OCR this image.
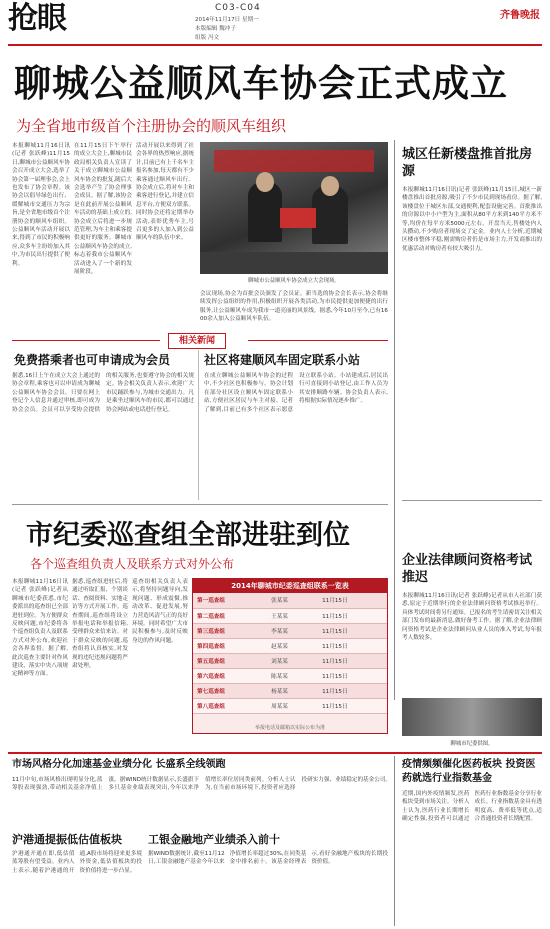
抢眼	C03-C04
2014年11月17日 星期一
本版编辑 魏冲子
组版 冯文
齐鲁晚报
聊城公益顺风车协会正式成立
为全省地市级首个注册协会的顺风车组织
本报聊城11月16日讯(记者 张跃峰)11月15日,聊城市公益顺风车协会召开成立大会,选举了协会第一届理事会,会上也发布了协会章程。该协会以倡导绿色出行、缓解城市交通压力为宗旨,是全省地市级首个注册协会的顺风车组织。公益顺风车活动开展以来,得到了市民的积极响应,众多车主纷纷加入其中,为市民出行提供了便利。
在11月15日下午举行的成立大会上,聊城市民政局相关负责人宣读了关于成立聊城市公益顺风车协会的批复,随后大会选举产生了协会理事会成员。据了解,该协会是在此前开展公益顺风车活动的基础上成立的,协会成立后将进一步规范管理,为车主和乘客提供更好的服务。聊城市公益顺风车协会的成立,标志着我市公益顺风车活动进入了一个新的发展阶段。
活动开展以来得到了社会各界的热烈响应,据统计,目前已有上千名车主报名参加,每天都有不少乘客通过顺风车出行。协会成立后,将对车主和乘客进行登记,并建立信息平台,方便双方联系。同时协会还将定期举办活动,表彰优秀车主,号召更多的人加入到公益顺风车的队伍中来。
聊城市公益顺风车协会成立大会现场。
会议现场,协会为首批会员颁发了会员证。新当选的协会会长表示,协会将继续发挥公益组织的作用,积极组织开展各类活动,为市民提供更加便捷的出行服务,让公益顺风车成为我市一道亮丽的风景线。据悉,今年10月至今,已有1600余人加入公益顺风车队伍。
相关新闻
免费搭乘者也可申请成为会员
据悉,16日上午在成立大会上通过的协会章程,乘客也可以申请成为聊城公益顺风车协会会员。只要在网上登记个人信息并通过审核,即可成为协会会员。会员可以享受协会提供的相关服务,也要遵守协会的相关规定。协会相关负责人表示,欢迎广大市民踊跃参与,为城市交通出力。凡是乘坐过顺风车的市民,都可以通过协会网站或电话进行登记。
社区将建顺风车固定联系小站
在成立聊城公益顺风车协会的过程中,不少社区也积极参与。协会计划在部分社区设立顺风车固定联系小站,方便社区居民与车主对接。记者了解到,目前已有多个社区表示愿意设立联系小站。小站建成后,居民出行可直接到小站登记,由工作人员为其安排顺路车辆。协会负责人表示,将根据实际情况逐步推广。
城区任新楼盘推首批房源
本报聊城11月16日讯(记者 张跃峰)11月15日,城区一新楼盘推出首批房源,吸引了不少市民到现场看房。据了解,该楼盘位于城区东部,交通便利,配套设施完善。首批推出的房源以中小户型为主,面积从80平方米到140平方米不等,均价在每平方米5000元左右。开盘当天,售楼处内人头攒动,不少购房者现场交了定金。业内人士分析,近期城区楼市整体平稳,刚需购房者仍是市场主力,开发商推出的优惠活动对购房者有较大吸引力。
市纪委巡查组全部进驻到位
各个巡查组负责人及联系方式对外公布
本报聊城11月16日讯(记者 张跃峰)记者从聊城市纪委获悉,市纪委派出的巡查组已全部进驻到位。为方便群众反映问题,市纪委将各个巡查组负责人及联系方式对外公布,欢迎社会各界监督。据了解,此次巡查主要针对作风建设、落实中央八项规定精神等方面。
据悉,巡查组进驻后,将通过听取汇报、个别谈话、查阅资料、实地走访等方式开展工作。巡查期间,巡查组将设立举报电话和举报信箱,受理群众来信来访。对于群众反映的问题,巡查组将认真核实,对发现的违纪违规问题将严肃处理。
巡查组相关负责人表示,将坚持问题导向,发现问题、形成震慑,推动改革、促进发展,努力营造风清气正的良好环境。同时希望广大市民积极参与,及时反映身边的作风问题。
2014年聊城市纪委巡查组联系一览表
第一巡查组	张某某	11月15日
第二巡查组	王某某	11月15日
第三巡查组	李某某	11月15日
第四巡查组	赵某某	11月15日
第五巡查组	刘某某	11月15日
第六巡查组	陈某某	11月15日
第七巡查组	杨某某	11月15日
第八巡查组	周某某	11月15日
举报电话及邮箱以实际公布为准
企业法律顾问资格考试推迟
本报聊城11月16日讯(记者 张跃峰)记者从市人社部门获悉,原定于近期举行的企业法律顾问资格考试推迟举行。具体考试时间将另行通知。已报名的考生请密切关注相关部门发布的最新消息,做好备考工作。据了解,企业法律顾问资格考试是企业法律顾问从业人员的准入考试,每年报考人数较多。
聊城市纪委供图。
市场风格分化加速基金业绩分化 长盛系全线领跑
11月中旬,市场风格出现明显分化,蓝筹股表现强劲,带动相关基金净值上涨。据WIND统计数据显示,长盛旗下多只基金业绩表现突出,今年以来净值增长率位居同类前列。分析人士认为,在当前市场环境下,投资者应选择投研实力强、业绩稳定的基金公司。
沪港通提振低估值板块
沪港通开通在即,低估值蓝筹股有望受益。业内人士表示,随着沪港通的开通,A股市场将迎来更多境外资金,低估值板块的投资价值将进一步凸显。
工银金融地产业绩杀入前十
据WIND数据统计,截至11月12日,工银金融地产基金今年以来净值增长率超过30%,在同类基金中排名前十。该基金经理表示,看好金融地产板块的长期投资价值。
疫情频频催化医药板块 投资医药就选行业指数基金
近期,国内外疫情频发,医药板块受到市场关注。分析人士认为,医药行业长期增长确定性强,投资者可以通过医药行业指数基金分享行业成长。行业指数基金具有透明度高、费率低等优点,适合普通投资者长期配置。
